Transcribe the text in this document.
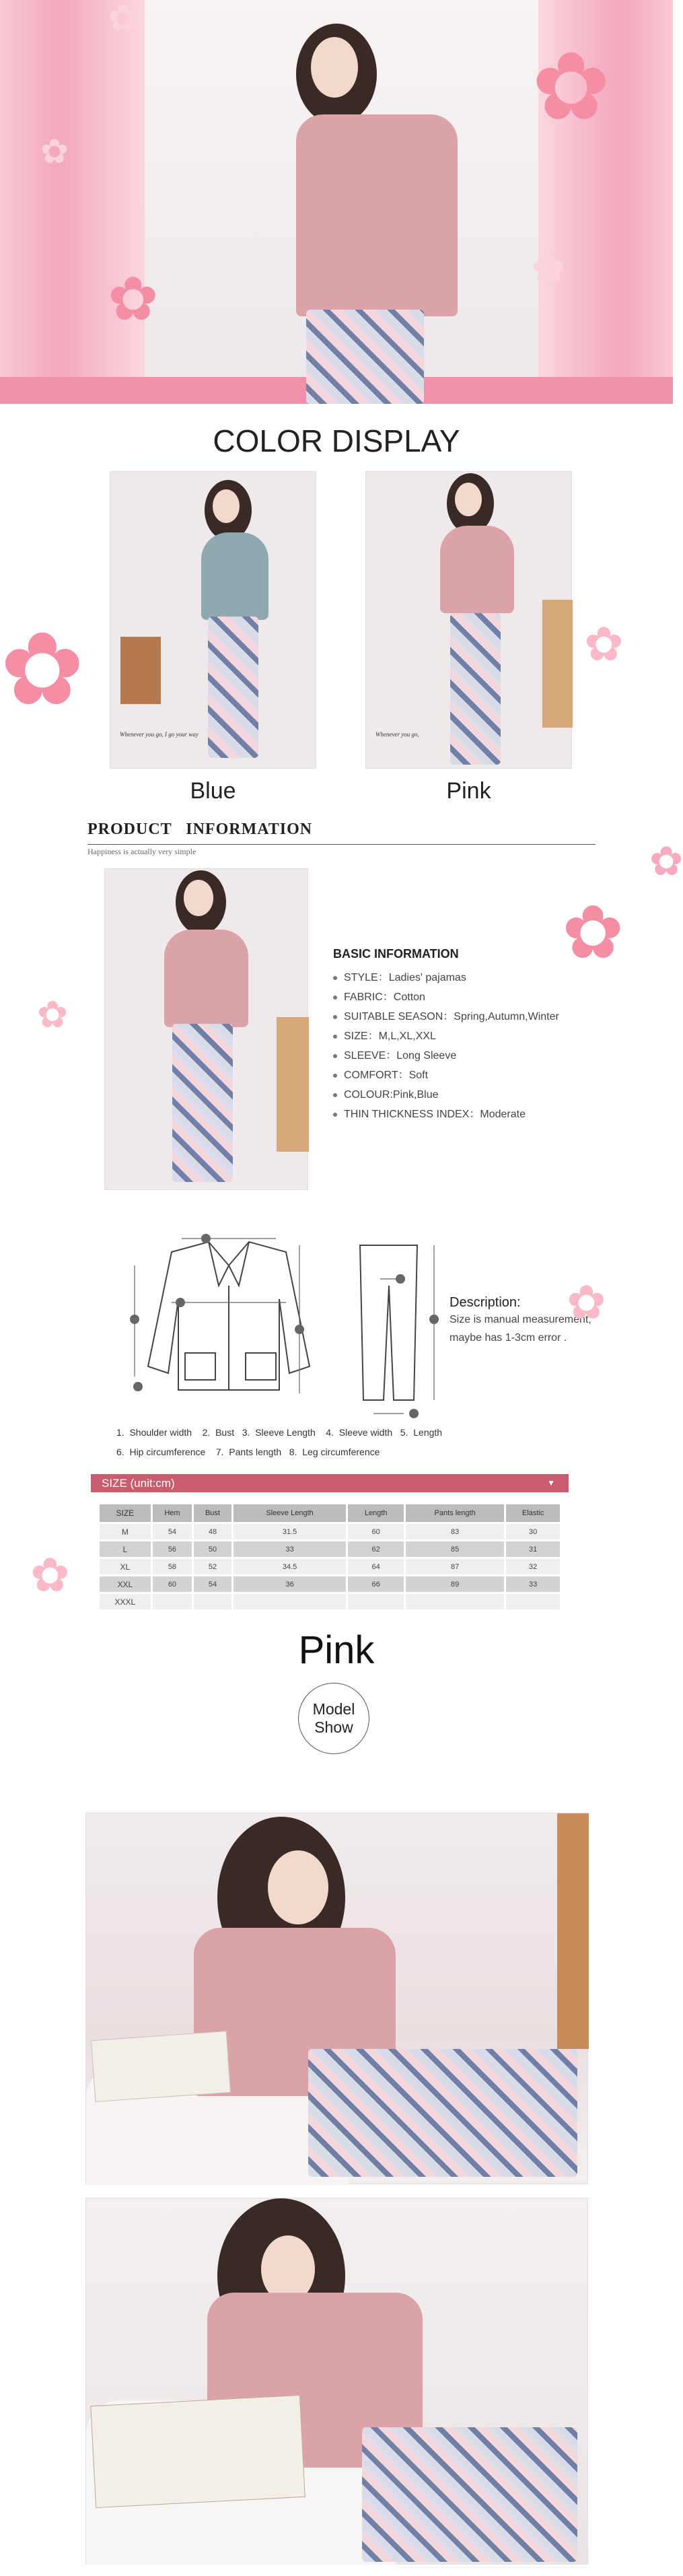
✿
✿
✿
✿
✿
COLOR DISPLAY
Whenever you go, I go your way	Whenever you go,
Blue	Pink
✿	✿
✿
✿
✿
PRODUCT   INFORMATION
Happiness is actually very simple
BASIC INFORMATION
STYLE：Ladies' pajamas
FABRIC：Cotton
SUITABLE SEASON：Spring,Autumn,Winter
SIZE：M,L,XL,XXL
SLEEVE：Long Sleeve
COMFORT：Soft
COLOUR:Pink,Blue
THIN THICKNESS INDEX：Moderate
Description:
Size is manual measurement,
maybe has 1-3cm error .
✿
1.  Shoulder width    2.  Bust   3.  Sleeve Length    4.  Sleeve width   5.  Length
6.  Hip circumference    7.  Pants length   8.  Leg circumference
SIZE (unit:cm)	▼
SIZE	Hem	Bust	Sleeve Length	Length	Pants length	Elastic
M	54	48	31.5	60	83	30
L	56	50	33	62	85	31
XL	58	52	34.5	64	87	32
XXL	60	54	36	66	89	33
XXXL						
✿
Pink
Model
Show
